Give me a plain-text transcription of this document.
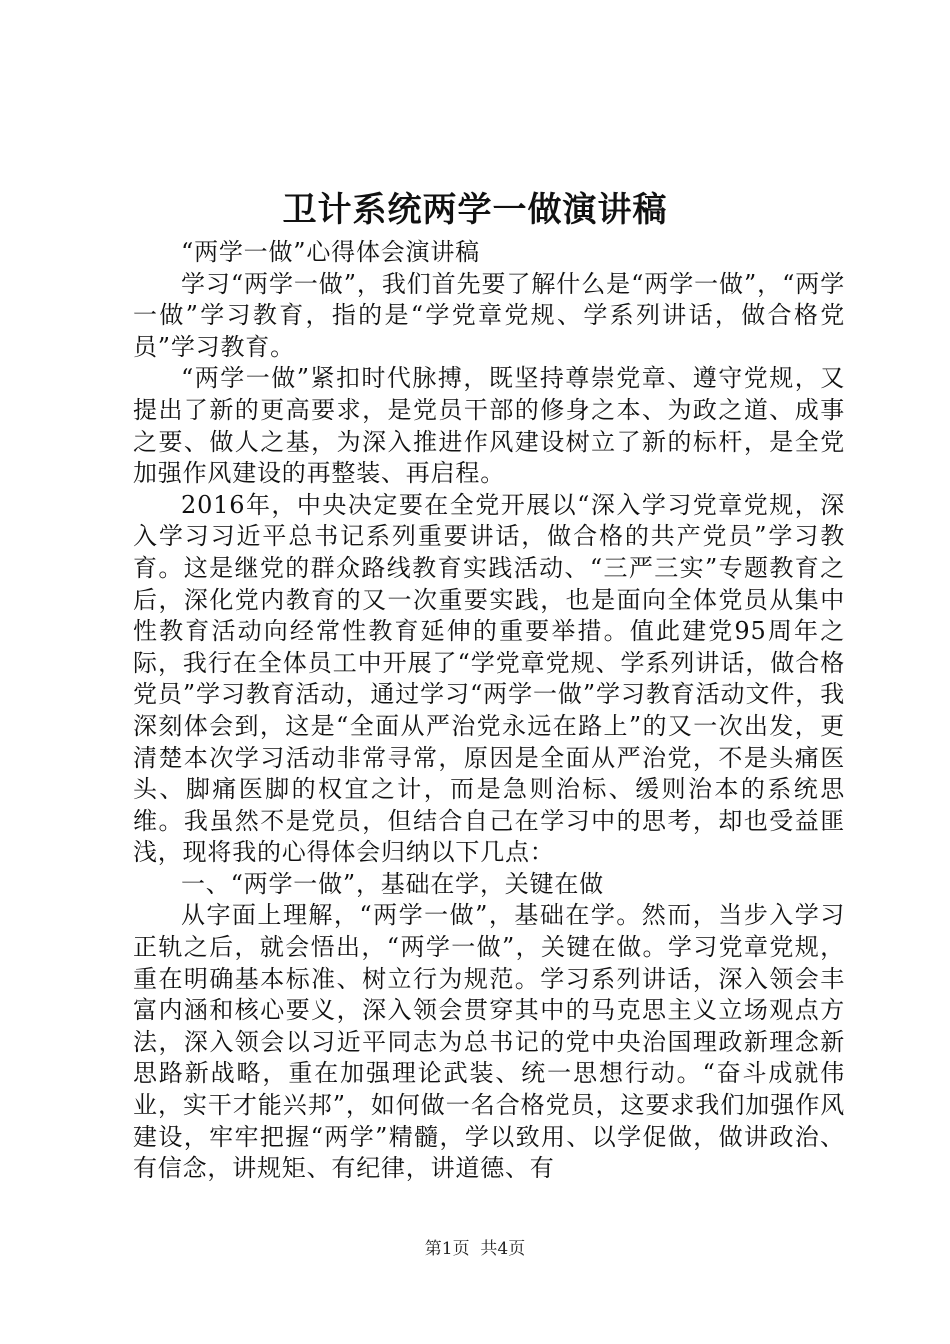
卫计系统两学一做演讲稿

“两学一做”心得体会演讲稿

学习“两学一做”，我们首先要了解什么是“两学一做”，“两学一做”学习教育，指的是“学党章党规、学系列讲话，做合格党员”学习教育。

“两学一做”紧扣时代脉搏，既坚持尊崇党章、遵守党规，又提出了新的更高要求，是党员干部的修身之本、为政之道、成事之要、做人之基，为深入推进作风建设树立了新的标杆，是全党加强作风建设的再整装、再启程。

2016年，中央决定要在全党开展以“深入学习党章党规，深入学习习近平总书记系列重要讲话，做合格的共产党员”学习教育。这是继党的群众路线教育实践活动、“三严三实”专题教育之后，深化党内教育的又一次重要实践，也是面向全体党员从集中性教育活动向经常性教育延伸的重要举措。值此建党95周年之际，我行在全体员工中开展了“学党章党规、学系列讲话，做合格党员”学习教育活动，通过学习“两学一做”学习教育活动文件，我深刻体会到，这是“全面从严治党永远在路上”的又一次出发，更清楚本次学习活动非常寻常，原因是全面从严治党，不是头痛医头、脚痛医脚的权宜之计，而是急则治标、缓则治本的系统思维。我虽然不是党员，但结合自己在学习中的思考，却也受益匪浅，现将我的心得体会归纳以下几点：

一、“两学一做”，基础在学，关键在做

从字面上理解，“两学一做”，基础在学。然而，当步入学习正轨之后，就会悟出，“两学一做”，关键在做。学习党章党规，重在明确基本标准、树立行为规范。学习系列讲话，深入领会丰富内涵和核心要义，深入领会贯穿其中的马克思主义立场观点方法，深入领会以习近平同志为总书记的党中央治国理政新理念新思路新战略，重在加强理论武装、统一思想行动。“奋斗成就伟业，实干才能兴邦”，如何做一名合格党员，这要求我们加强作风建设，牢牢把握“两学”精髓，学以致用、以学促做，做讲政治、有信念，讲规矩、有纪律，讲道德、有

第1页 共4页
